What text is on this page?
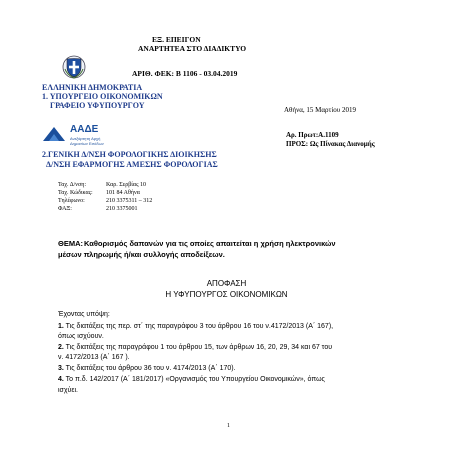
ΕΞ. ΕΠΕΙΓΟΝ
ΑΝΑΡΤΗΤΕΑ ΣΤΟ ΔΙΑΔΙΚΤΥΟ
ΑΡΙΘ. ΦΕΚ: Β 1106 - 03.04.2019
ΕΛΛΗΝΙΚΗ ΔΗΜΟΚΡΑΤΙΑ
1. ΥΠΟΥΡΓΕΙΟ ΟΙΚΟΝΟΜΙΚΩΝ
ΓΡΑΦΕΙΟ ΥΦΥΠΟΥΡΓΟΥ	Αθήνα, 15 Μαρτίου 2019
ΑΑΔΕ
Ανεξάρτητη Αρχή
Δημοσίων Εσόδων
Αρ. Πρωτ:Α.1109
ΠΡΟΣ: Ως Πίνακας Διανομής
2.ΓΕΝΙΚΗ Δ/ΝΣΗ ΦΟΡΟΛΟΓΙΚΗΣ ΔΙΟΙΚΗΣΗΣ
Δ/ΝΣΗ ΕΦΑΡΜΟΓΗΣ ΑΜΕΣΗΣ ΦΟΡΟΛΟΓΙΑΣ
Ταχ. Δ/νση:	Καρ. Σερβίας 10
Ταχ. Κώδικας: 101 84 Αθήνα
Τηλέφωνο:	210 3375311 – 312
ΦΑΞ:	210 3375001
ΘΕΜΑ: Καθορισμός δαπανών για τις οποίες απαιτείται η χρήση ηλεκτρονικών
μέσων πληρωμής ή/και συλλογής αποδείξεων.
ΑΠΟΦΑΣΗ
Η ΥΦΥΠΟΥΡΓΟΣ ΟΙΚΟΝΟΜΙΚΩΝ
Έχοντας υπόψη:
1. Τις διατάξεις της περ. στ΄ της παραγράφου 3 του άρθρου 16 του ν.4172/2013 (Α΄ 167),
όπως ισχύουν.
2. Τις διατάξεις της παραγράφου 1 του άρθρου 15, των άρθρων 16, 20, 29, 34 και 67 του
ν. 4172/2013 (Α΄ 167 ).
3. Τις διατάξεις του άρθρου 36 του ν. 4174/2013 (Α΄ 170).
4. Το π.δ. 142/2017 (Α΄ 181/2017) «Οργανισμός του Υπουργείου Οικονομικών», όπως
ισχύει.
1
